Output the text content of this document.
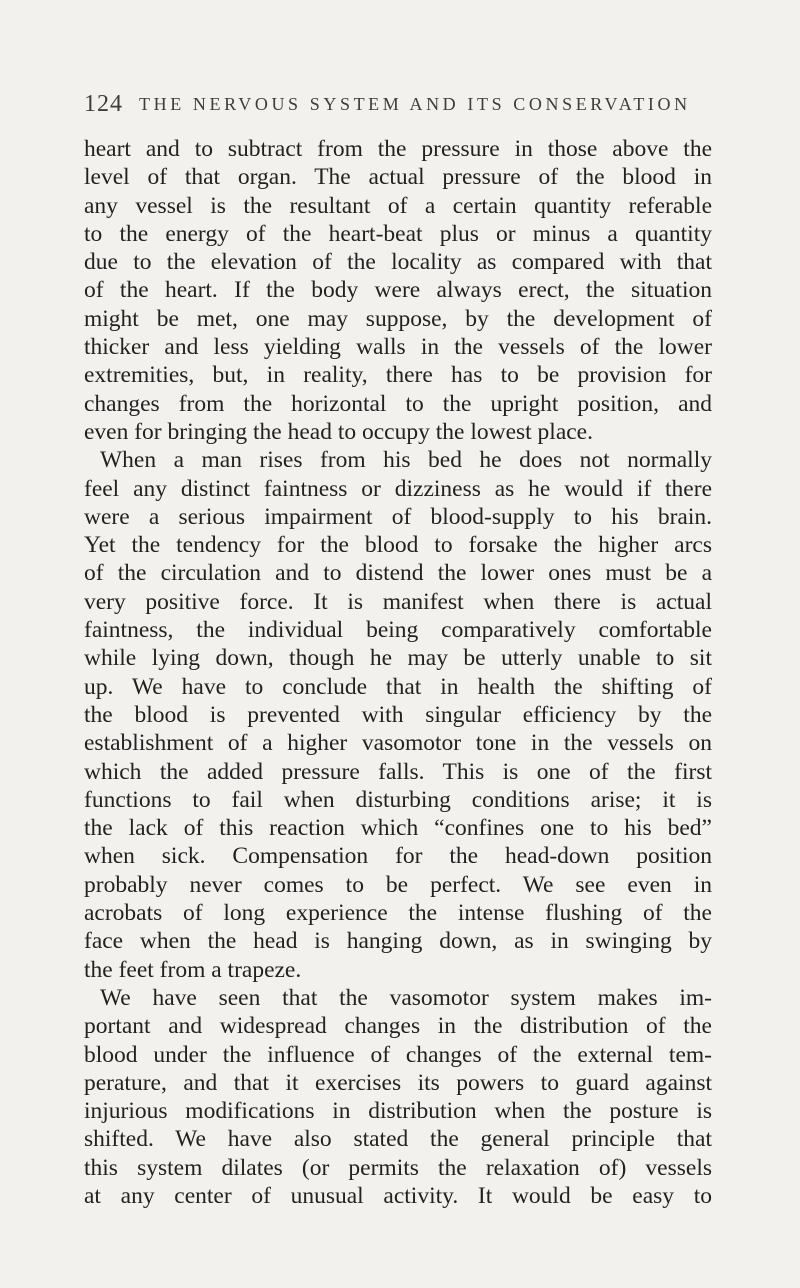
124 THE NERVOUS SYSTEM AND ITS CONSERVATION
heart and to subtract from the pressure in those above the
level of that organ. The actual pressure of the blood in
any vessel is the resultant of a certain quantity referable
to the energy of the heart-beat plus or minus a quantity
due to the elevation of the locality as compared with that
of the heart. If the body were always erect, the situation
might be met, one may suppose, by the development of
thicker and less yielding walls in the vessels of the lower
extremities, but, in reality, there has to be provision for
changes from the horizontal to the upright position, and
even for bringing the head to occupy the lowest place.
When a man rises from his bed he does not normally
feel any distinct faintness or dizziness as he would if there
were a serious impairment of blood-supply to his brain.
Yet the tendency for the blood to forsake the higher arcs
of the circulation and to distend the lower ones must be a
very positive force. It is manifest when there is actual
faintness, the individual being comparatively comfortable
while lying down, though he may be utterly unable to sit
up. We have to conclude that in health the shifting of
the blood is prevented with singular efficiency by the
establishment of a higher vasomotor tone in the vessels on
which the added pressure falls. This is one of the first
functions to fail when disturbing conditions arise; it is
the lack of this reaction which “confines one to his bed”
when sick. Compensation for the head-down position
probably never comes to be perfect. We see even in
acrobats of long experience the intense flushing of the
face when the head is hanging down, as in swinging by
the feet from a trapeze.
We have seen that the vasomotor system makes im-
portant and widespread changes in the distribution of the
blood under the influence of changes of the external tem-
perature, and that it exercises its powers to guard against
injurious modifications in distribution when the posture is
shifted. We have also stated the general principle that
this system dilates (or permits the relaxation of) vessels
at any center of unusual activity. It would be easy to
